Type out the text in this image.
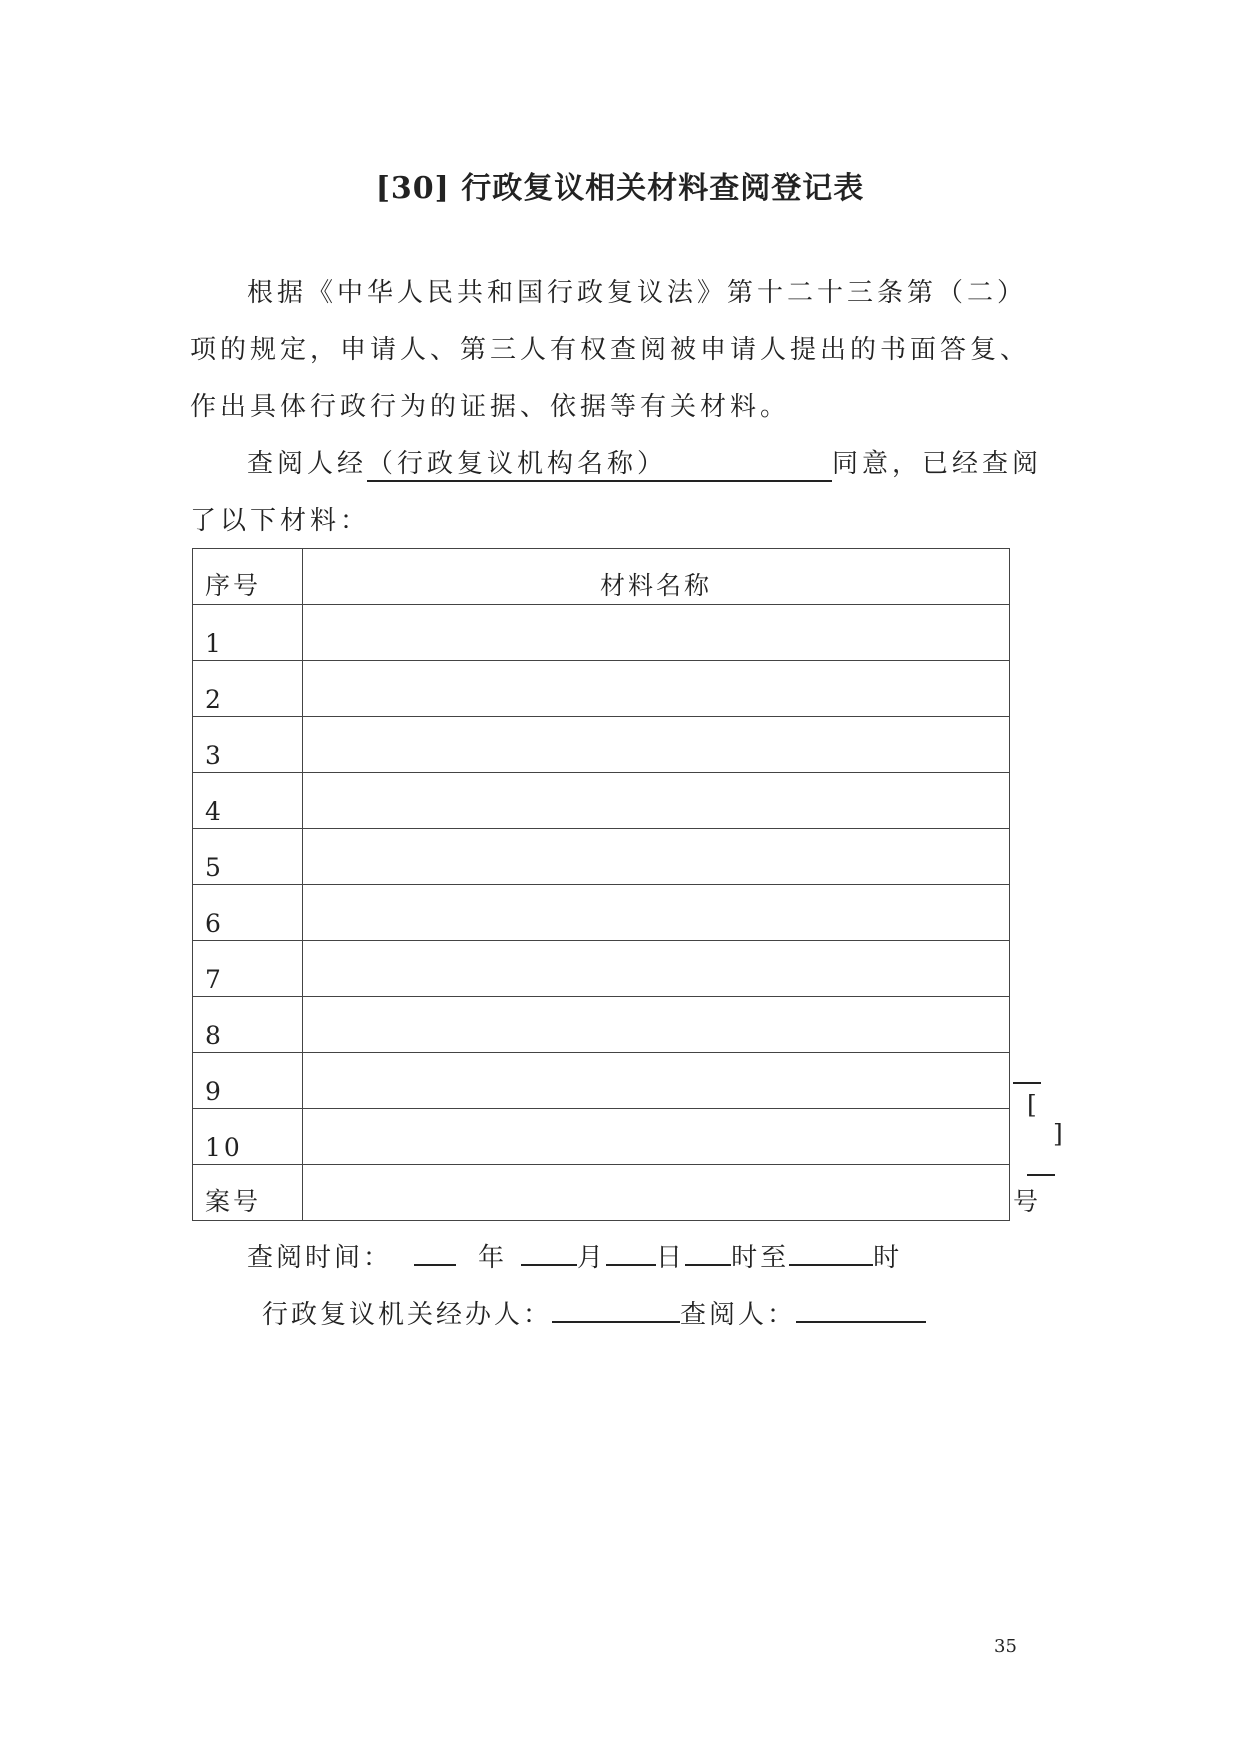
[30] 行政复议相关材料查阅登记表
根据《中华人民共和国行政复议法》第十二十三条第（二）
项的规定，申请人、第三人有权查阅被申请人提出的书面答复、
作出具体行政行为的证据、依据等有关材料。
查阅人经（行政复议机构名称）	同意，已经查阅
了以下材料：
序号	材料名称
1	
2	
3	
4	
5	
6	
7	
8	
9	
10	
案号	[]号
查阅时间：	年	月 日 时至	时
行政复议机关经办人：	查阅人：
35
